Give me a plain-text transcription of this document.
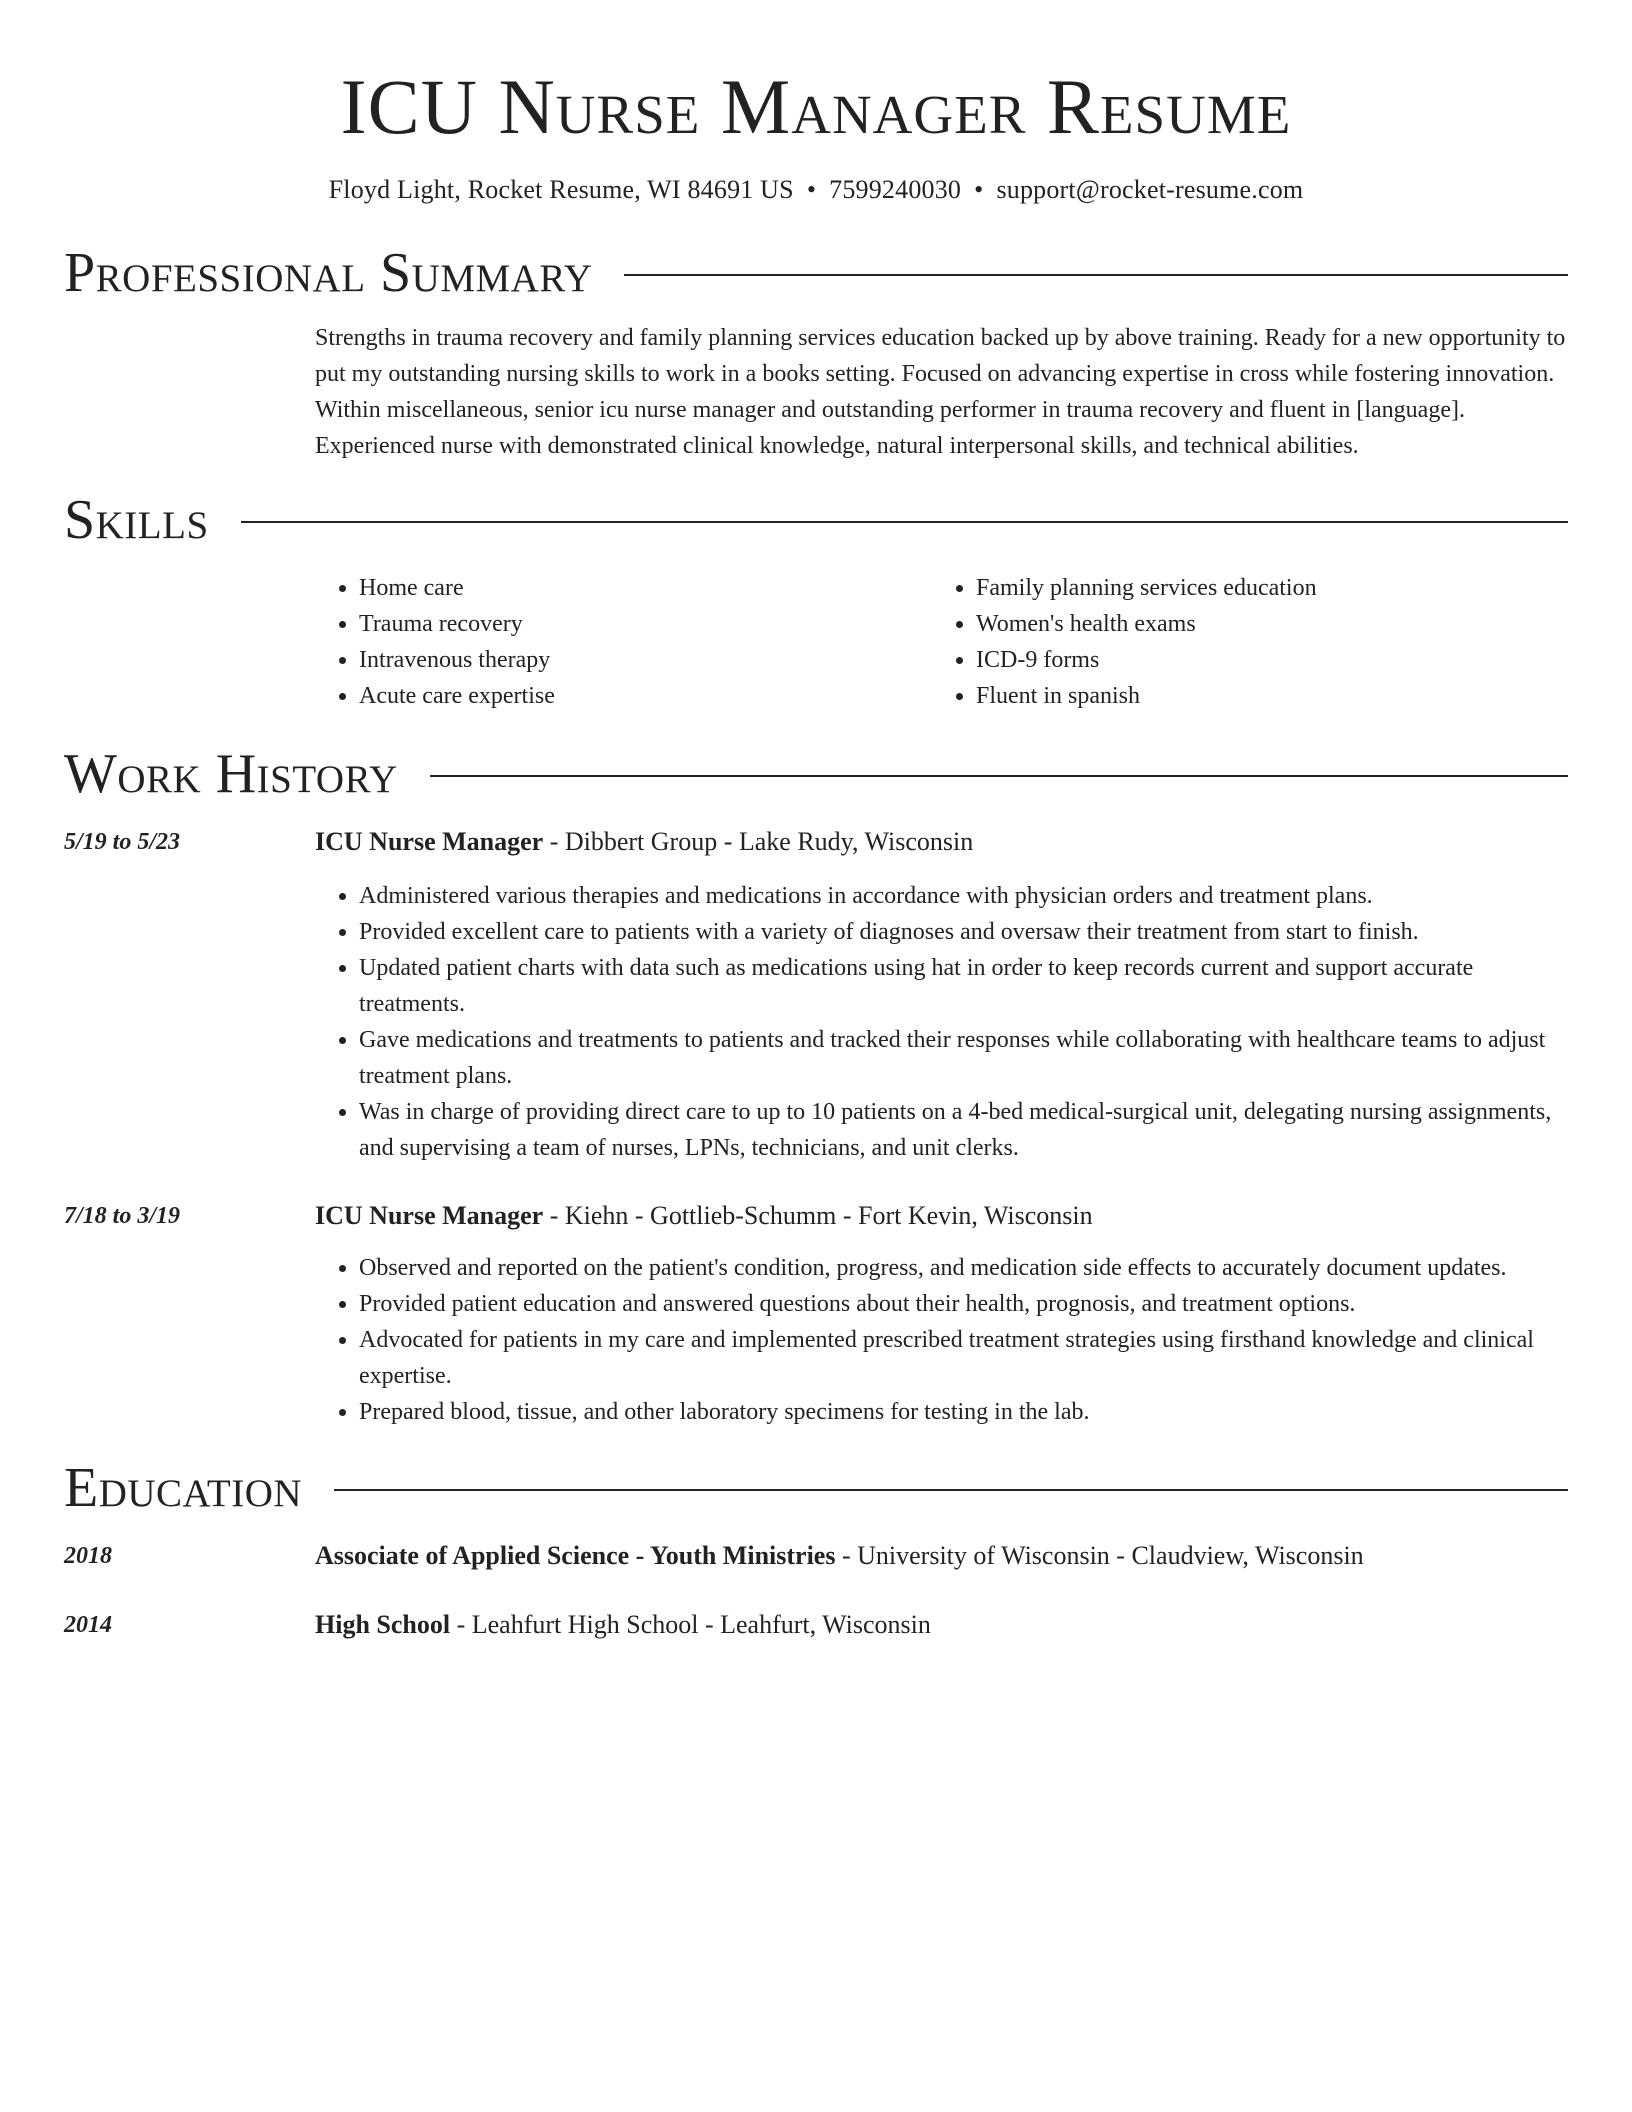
ICU Nurse Manager Resume
Floyd Light, Rocket Resume, WI 84691 US • 7599240030 • support@rocket-resume.com
Professional Summary
Strengths in trauma recovery and family planning services education backed up by above training. Ready for a new opportunity to put my outstanding nursing skills to work in a books setting. Focused on advancing expertise in cross while fostering innovation. Within miscellaneous, senior icu nurse manager and outstanding performer in trauma recovery and fluent in [language]. Experienced nurse with demonstrated clinical knowledge, natural interpersonal skills, and technical abilities.
Skills
• Home care
• Trauma recovery
• Intravenous therapy
• Acute care expertise
• Family planning services education
• Women's health exams
• ICD-9 forms
• Fluent in spanish
Work History
5/19 to 5/23	ICU Nurse Manager - Dibbert Group - Lake Rudy, Wisconsin
• Administered various therapies and medications in accordance with physician orders and treatment plans.
• Provided excellent care to patients with a variety of diagnoses and oversaw their treatment from start to finish.
• Updated patient charts with data such as medications using hat in order to keep records current and support accurate treatments.
• Gave medications and treatments to patients and tracked their responses while collaborating with healthcare teams to adjust treatment plans.
• Was in charge of providing direct care to up to 10 patients on a 4-bed medical-surgical unit, delegating nursing assignments, and supervising a team of nurses, LPNs, technicians, and unit clerks.
7/18 to 3/19	ICU Nurse Manager - Kiehn - Gottlieb-Schumm - Fort Kevin, Wisconsin
• Observed and reported on the patient's condition, progress, and medication side effects to accurately document updates.
• Provided patient education and answered questions about their health, prognosis, and treatment options.
• Advocated for patients in my care and implemented prescribed treatment strategies using firsthand knowledge and clinical expertise.
• Prepared blood, tissue, and other laboratory specimens for testing in the lab.
Education
2018	Associate of Applied Science - Youth Ministries - University of Wisconsin - Claudview, Wisconsin
2014	High School - Leahfurt High School - Leahfurt, Wisconsin
